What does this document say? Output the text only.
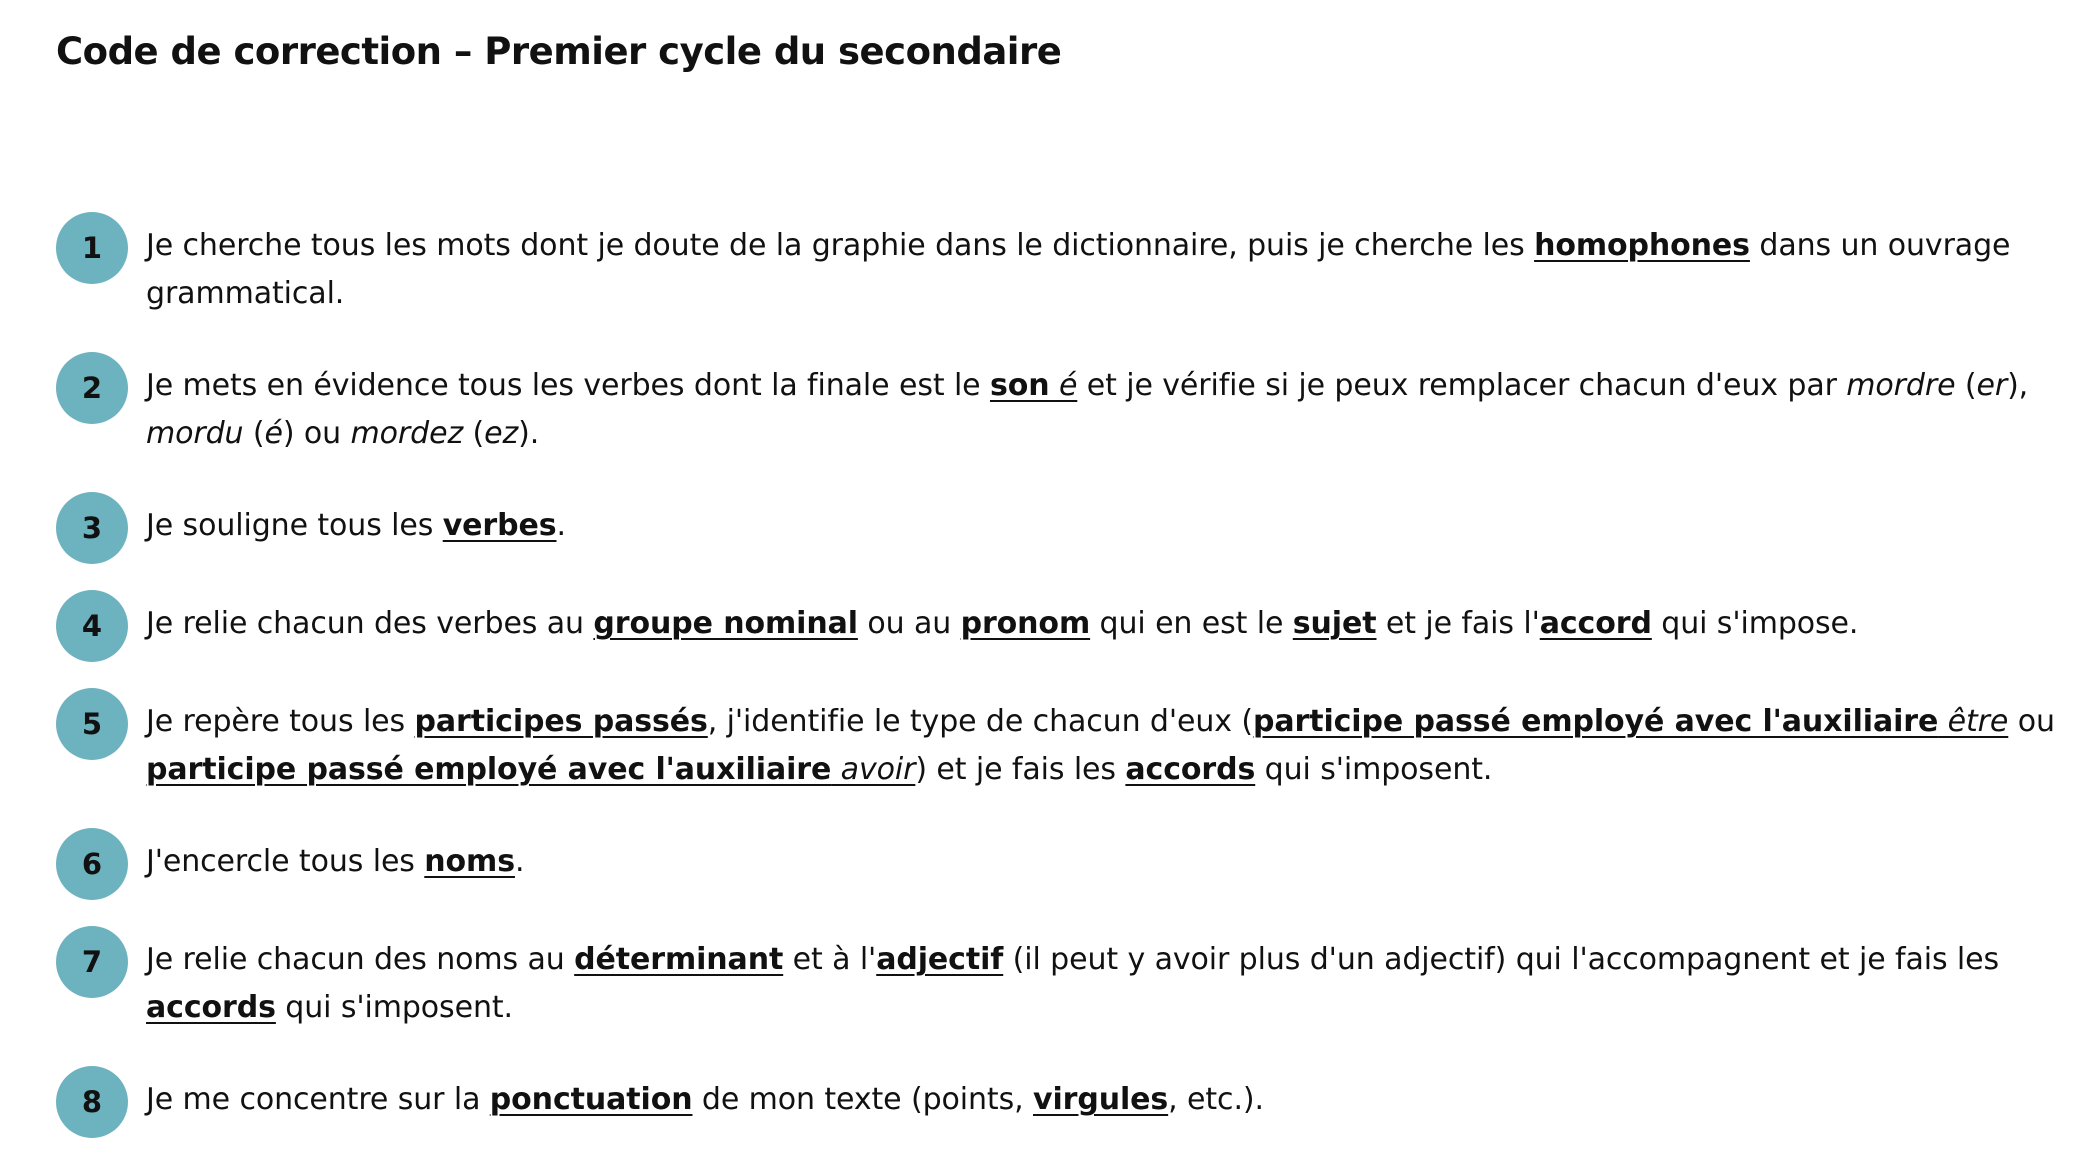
Code de correction – Premier cycle du secondaire
1	Je cherche tous les mots dont je doute de la graphie dans le dictionnaire, puis je cherche les homophones dans un ouvrage grammatical.
2	Je mets en évidence tous les verbes dont la finale est le son é et je vérifie si je peux remplacer chacun d'eux par mordre (er), mordu (é) ou mordez (ez).
3	Je souligne tous les verbes.
4	Je relie chacun des verbes au groupe nominal ou au pronom qui en est le sujet et je fais l'accord qui s'impose.
5	Je repère tous les participes passés, j'identifie le type de chacun d'eux (participe passé employé avec l'auxiliaire être ou participe passé employé avec l'auxiliaire avoir) et je fais les accords qui s'imposent.
6	J'encercle tous les noms.
7	Je relie chacun des noms au déterminant et à l'adjectif (il peut y avoir plus d'un adjectif) qui l'accompagnent et je fais les accords qui s'imposent.
8	Je me concentre sur la ponctuation de mon texte (points, virgules, etc.).
